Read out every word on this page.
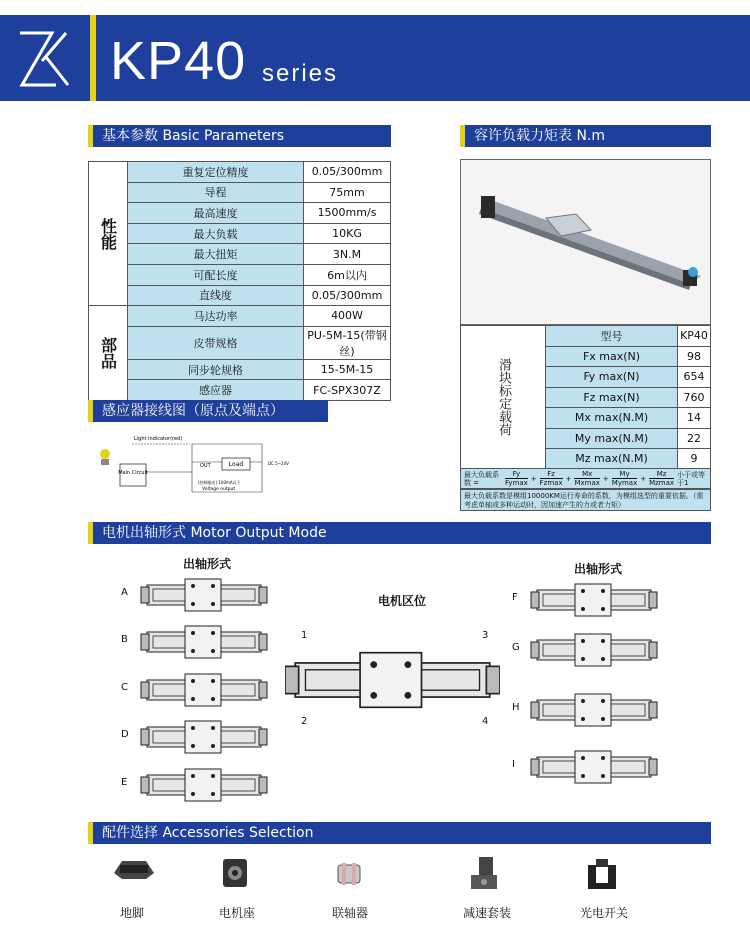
KP40 series
基本参数 Basic Parameters
性能	重复定位精度	0.05/300mm
	导程	75mm
	最高速度	1500mm/s
	最大负载	10KG
	最大扭矩	3N.M
	可配长度	6m以内
	直线度	0.05/300mm
部品	马达功率	400W
	皮带规格	PU-5M-15(带钢丝)
	同步轮规格	15-5M-15
	感应器	FC-SPX307Z
容许负载力矩表 N.m
滑块标定载荷	型号	KP40
	Fx max(N)	98
	Fy max(N)	654
	Fz max(N)	760
	Mx max(N.M)	14
	My max(N.M)	22
	Mz max(N.M)	9
最大负载系数 =	$\frac{Fy}{Fymax} + \frac{Fz}{Fzmax} + \frac{Mx}{Mxmax} + \frac{My}{Mymax} + \frac{Mz}{Mzmax}$ 小于或等于1
最大负载系数是模组10000KM运行寿命的系数，为模组选型的重要依据。（需考虑单轴或多种运动时，因加速产生的力或者力矩）
感应器接线图（原点及端点）
Main Circuit
Load
Light indicator(red)
OUT	DC 5~24V
(控制输出) 100mA以下
Voltage output
电机出轴形式 Motor Output Mode
出轴形式	出轴形式
电机区位
A
B
C
D
E
F
G
H
I
1
2
3
4
配件选择 Accessories Selection
地脚	电机座	联轴器	减速套装	光电开关
